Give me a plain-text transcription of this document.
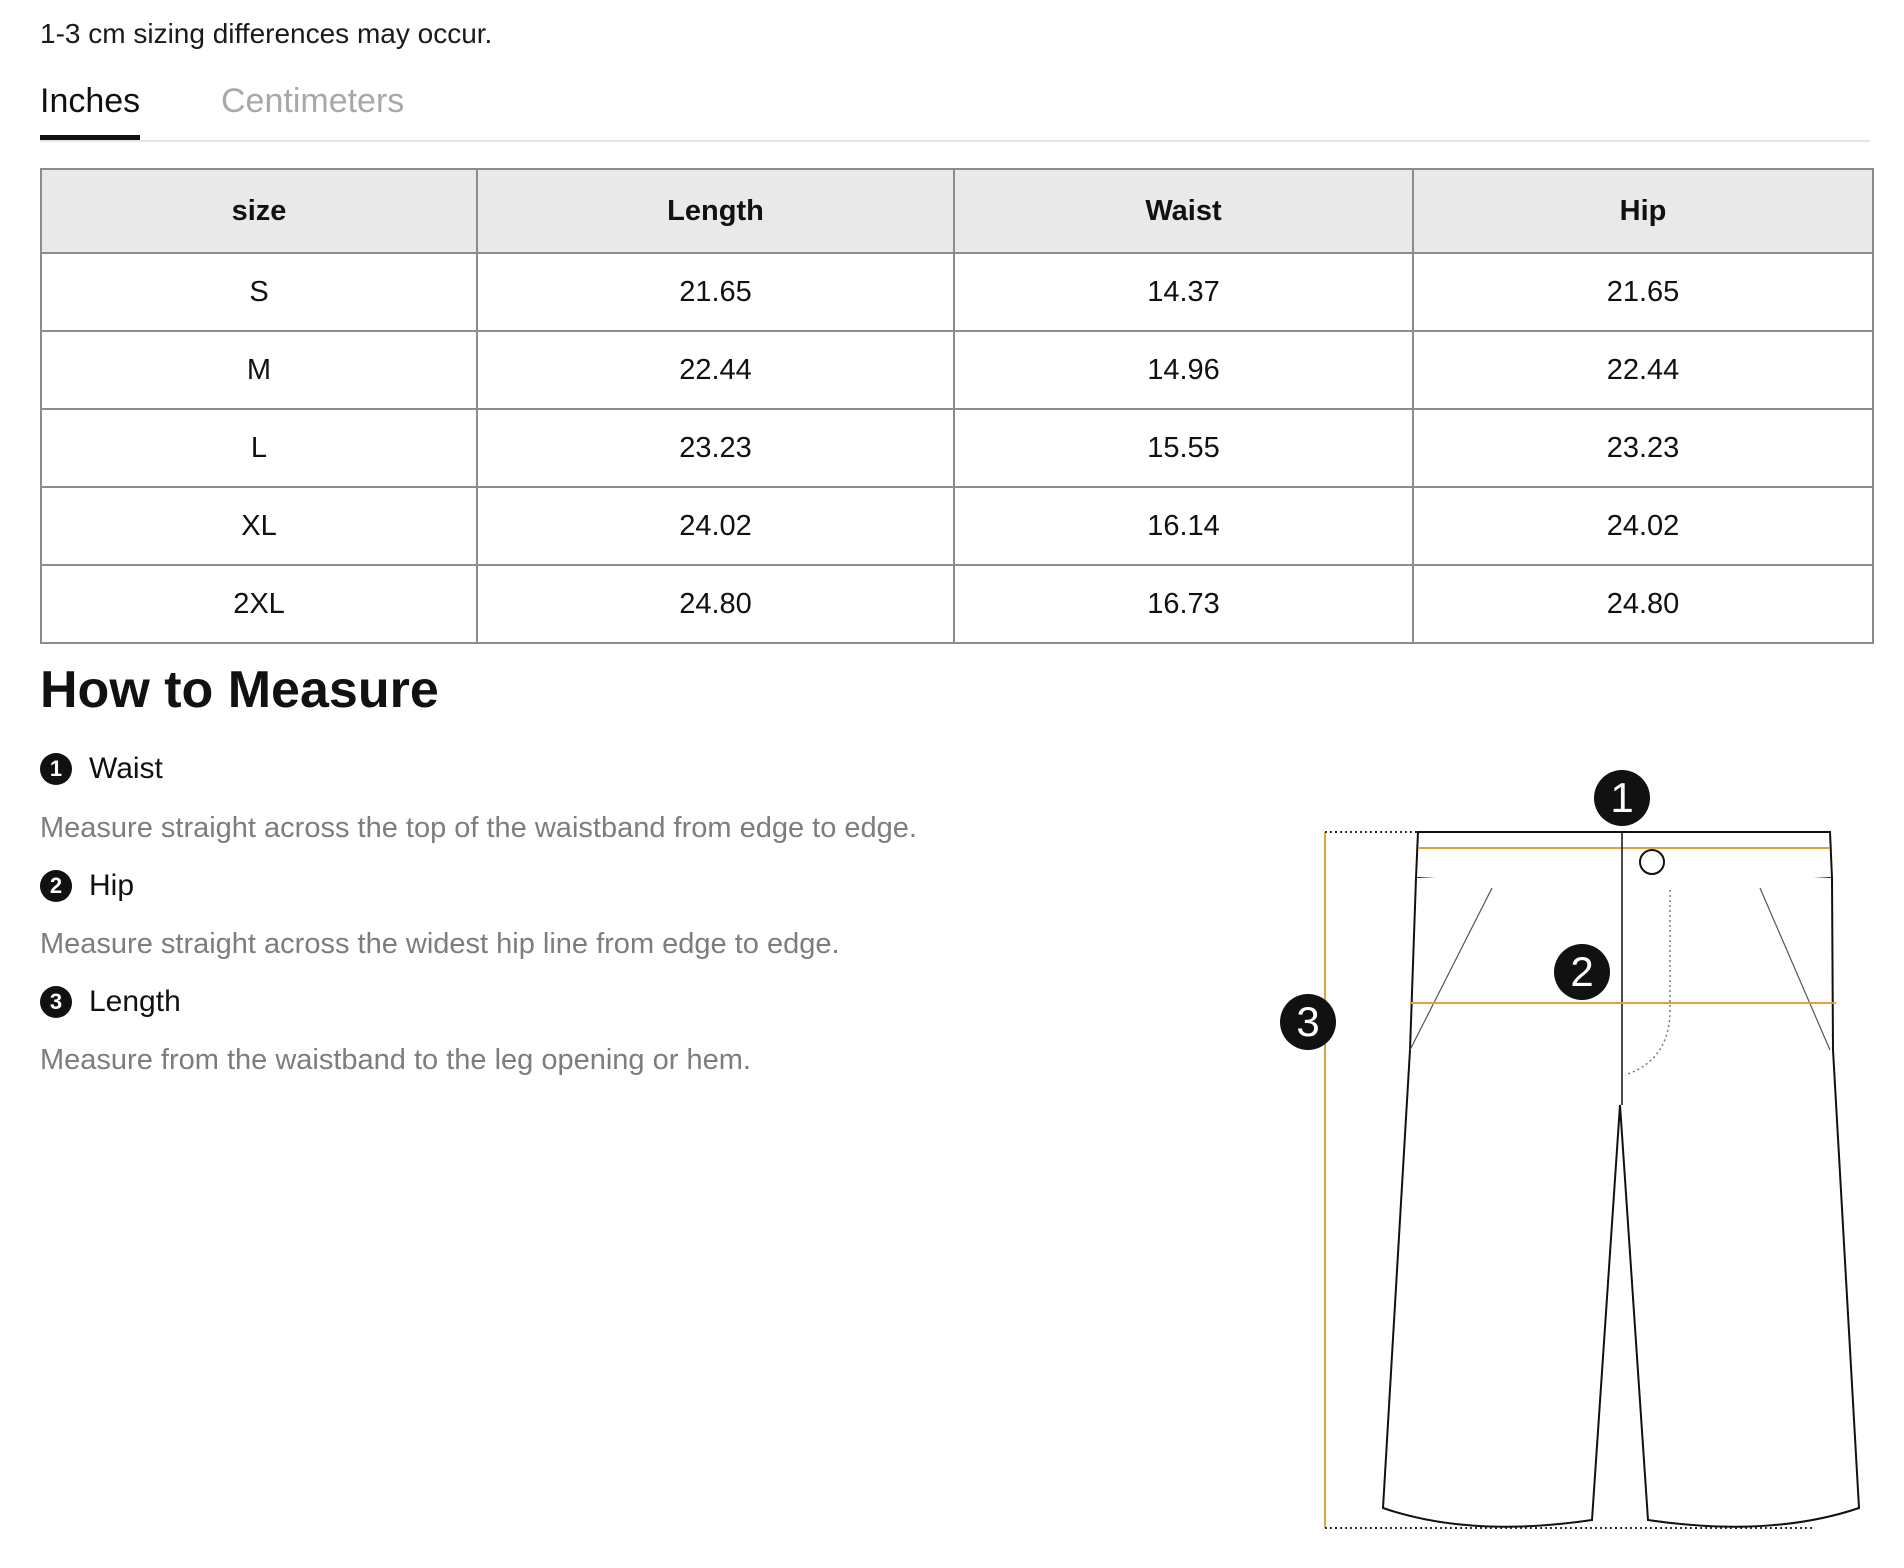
1-3 cm sizing differences may occur.
Inches Centimeters
size	Length	Waist	Hip
S	21.65	14.37	21.65
M	22.44	14.96	22.44
L	23.23	15.55	23.23
XL	24.02	16.14	24.02
2XL	24.80	16.73	24.80
How to Measure
1 Waist
Measure straight across the top of the waistband from edge to edge.
2 Hip
Measure straight across the widest hip line from edge to edge.
3 Length
Measure from the waistband to the leg opening or hem.
1
2
3
